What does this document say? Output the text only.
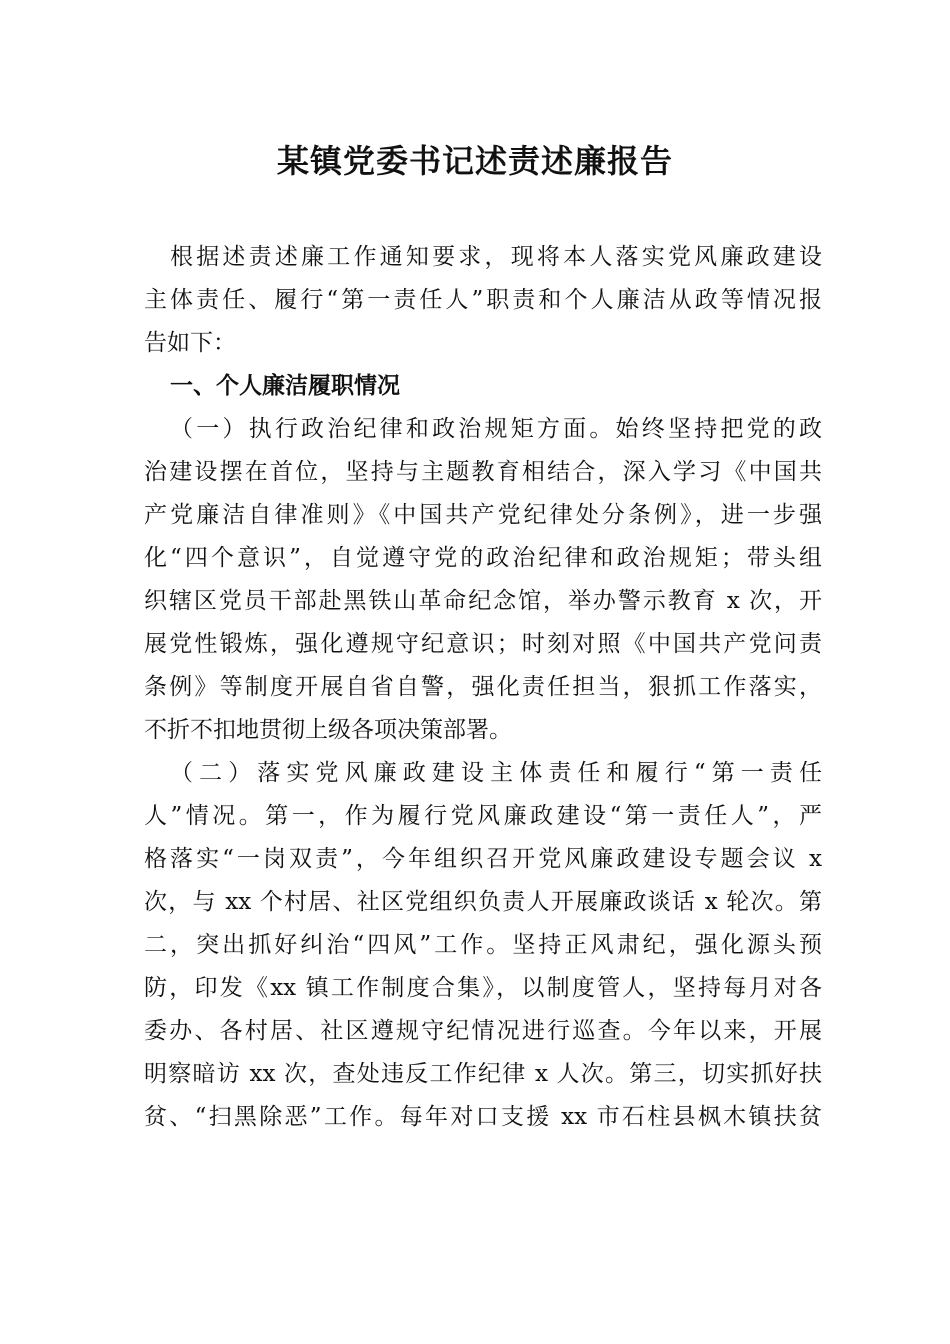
某镇党委书记述责述廉报告
根据述责述廉工作通知要求，现将本人落实党风廉政建设
主体责任、履行“第一责任人”职责和个人廉洁从政等情况报
告如下：
一、个人廉洁履职情况
（一）执行政治纪律和政治规矩方面。始终坚持把党的政
治建设摆在首位，坚持与主题教育相结合，深入学习《中国共
产党廉洁自律准则》《中国共产党纪律处分条例》，进一步强
化“四个意识”，自觉遵守党的政治纪律和政治规矩；带头组
织辖区党员干部赴黑铁山革命纪念馆，举办警示教育 x 次，开
展党性锻炼，强化遵规守纪意识；时刻对照《中国共产党问责
条例》等制度开展自省自警，强化责任担当，狠抓工作落实，
不折不扣地贯彻上级各项决策部署。
（二）落实党风廉政建设主体责任和履行“第一责任
人”情况。第一，作为履行党风廉政建设“第一责任人”，严
格落实“一岗双责”，今年组织召开党风廉政建设专题会议 x
次，与 xx 个村居、社区党组织负责人开展廉政谈话 x 轮次。第
二，突出抓好纠治“四风”工作。坚持正风肃纪，强化源头预
防，印发《xx 镇工作制度合集》，以制度管人，坚持每月对各
委办、各村居、社区遵规守纪情况进行巡查。今年以来，开展
明察暗访 xx 次，查处违反工作纪律 x 人次。第三，切实抓好扶
贫、“扫黑除恶”工作。每年对口支援 xx 市石柱县枫木镇扶贫
